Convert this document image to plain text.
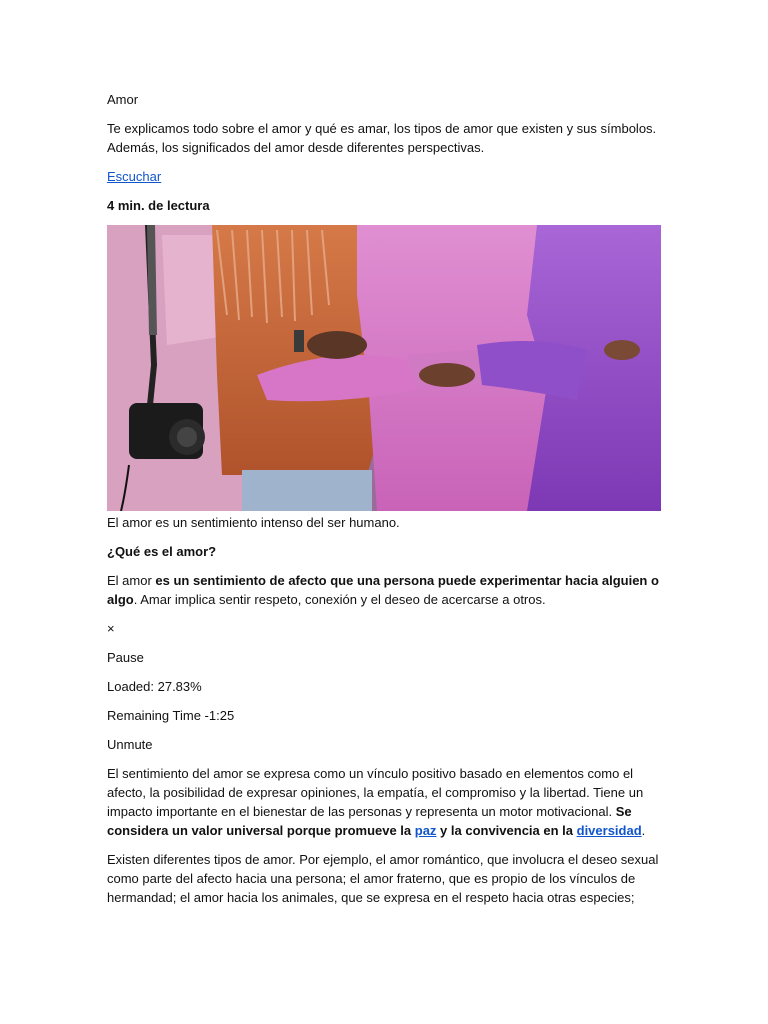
Amor

Te explicamos todo sobre el amor y qué es amar, los tipos de amor que existen y sus símbolos. Además, los significados del amor desde diferentes perspectivas.

Escuchar

4 min. de lectura

El amor es un sentimiento intenso del ser humano.

¿Qué es el amor?

El amor es un sentimiento de afecto que una persona puede experimentar hacia alguien o algo. Amar implica sentir respeto, conexión y el deseo de acercarse a otros.

×

Pause

Loaded: 27.83%

Remaining Time -1:25

Unmute

El sentimiento del amor se expresa como un vínculo positivo basado en elementos como el afecto, la posibilidad de expresar opiniones, la empatía, el compromiso y la libertad. Tiene un impacto importante en el bienestar de las personas y representa un motor motivacional. Se considera un valor universal porque promueve la paz y la convivencia en la diversidad.

Existen diferentes tipos de amor. Por ejemplo, el amor romántico, que involucra el deseo sexual como parte del afecto hacia una persona; el amor fraterno, que es propio de los vínculos de hermandad; el amor hacia los animales, que se expresa en el respeto hacia otras especies;
